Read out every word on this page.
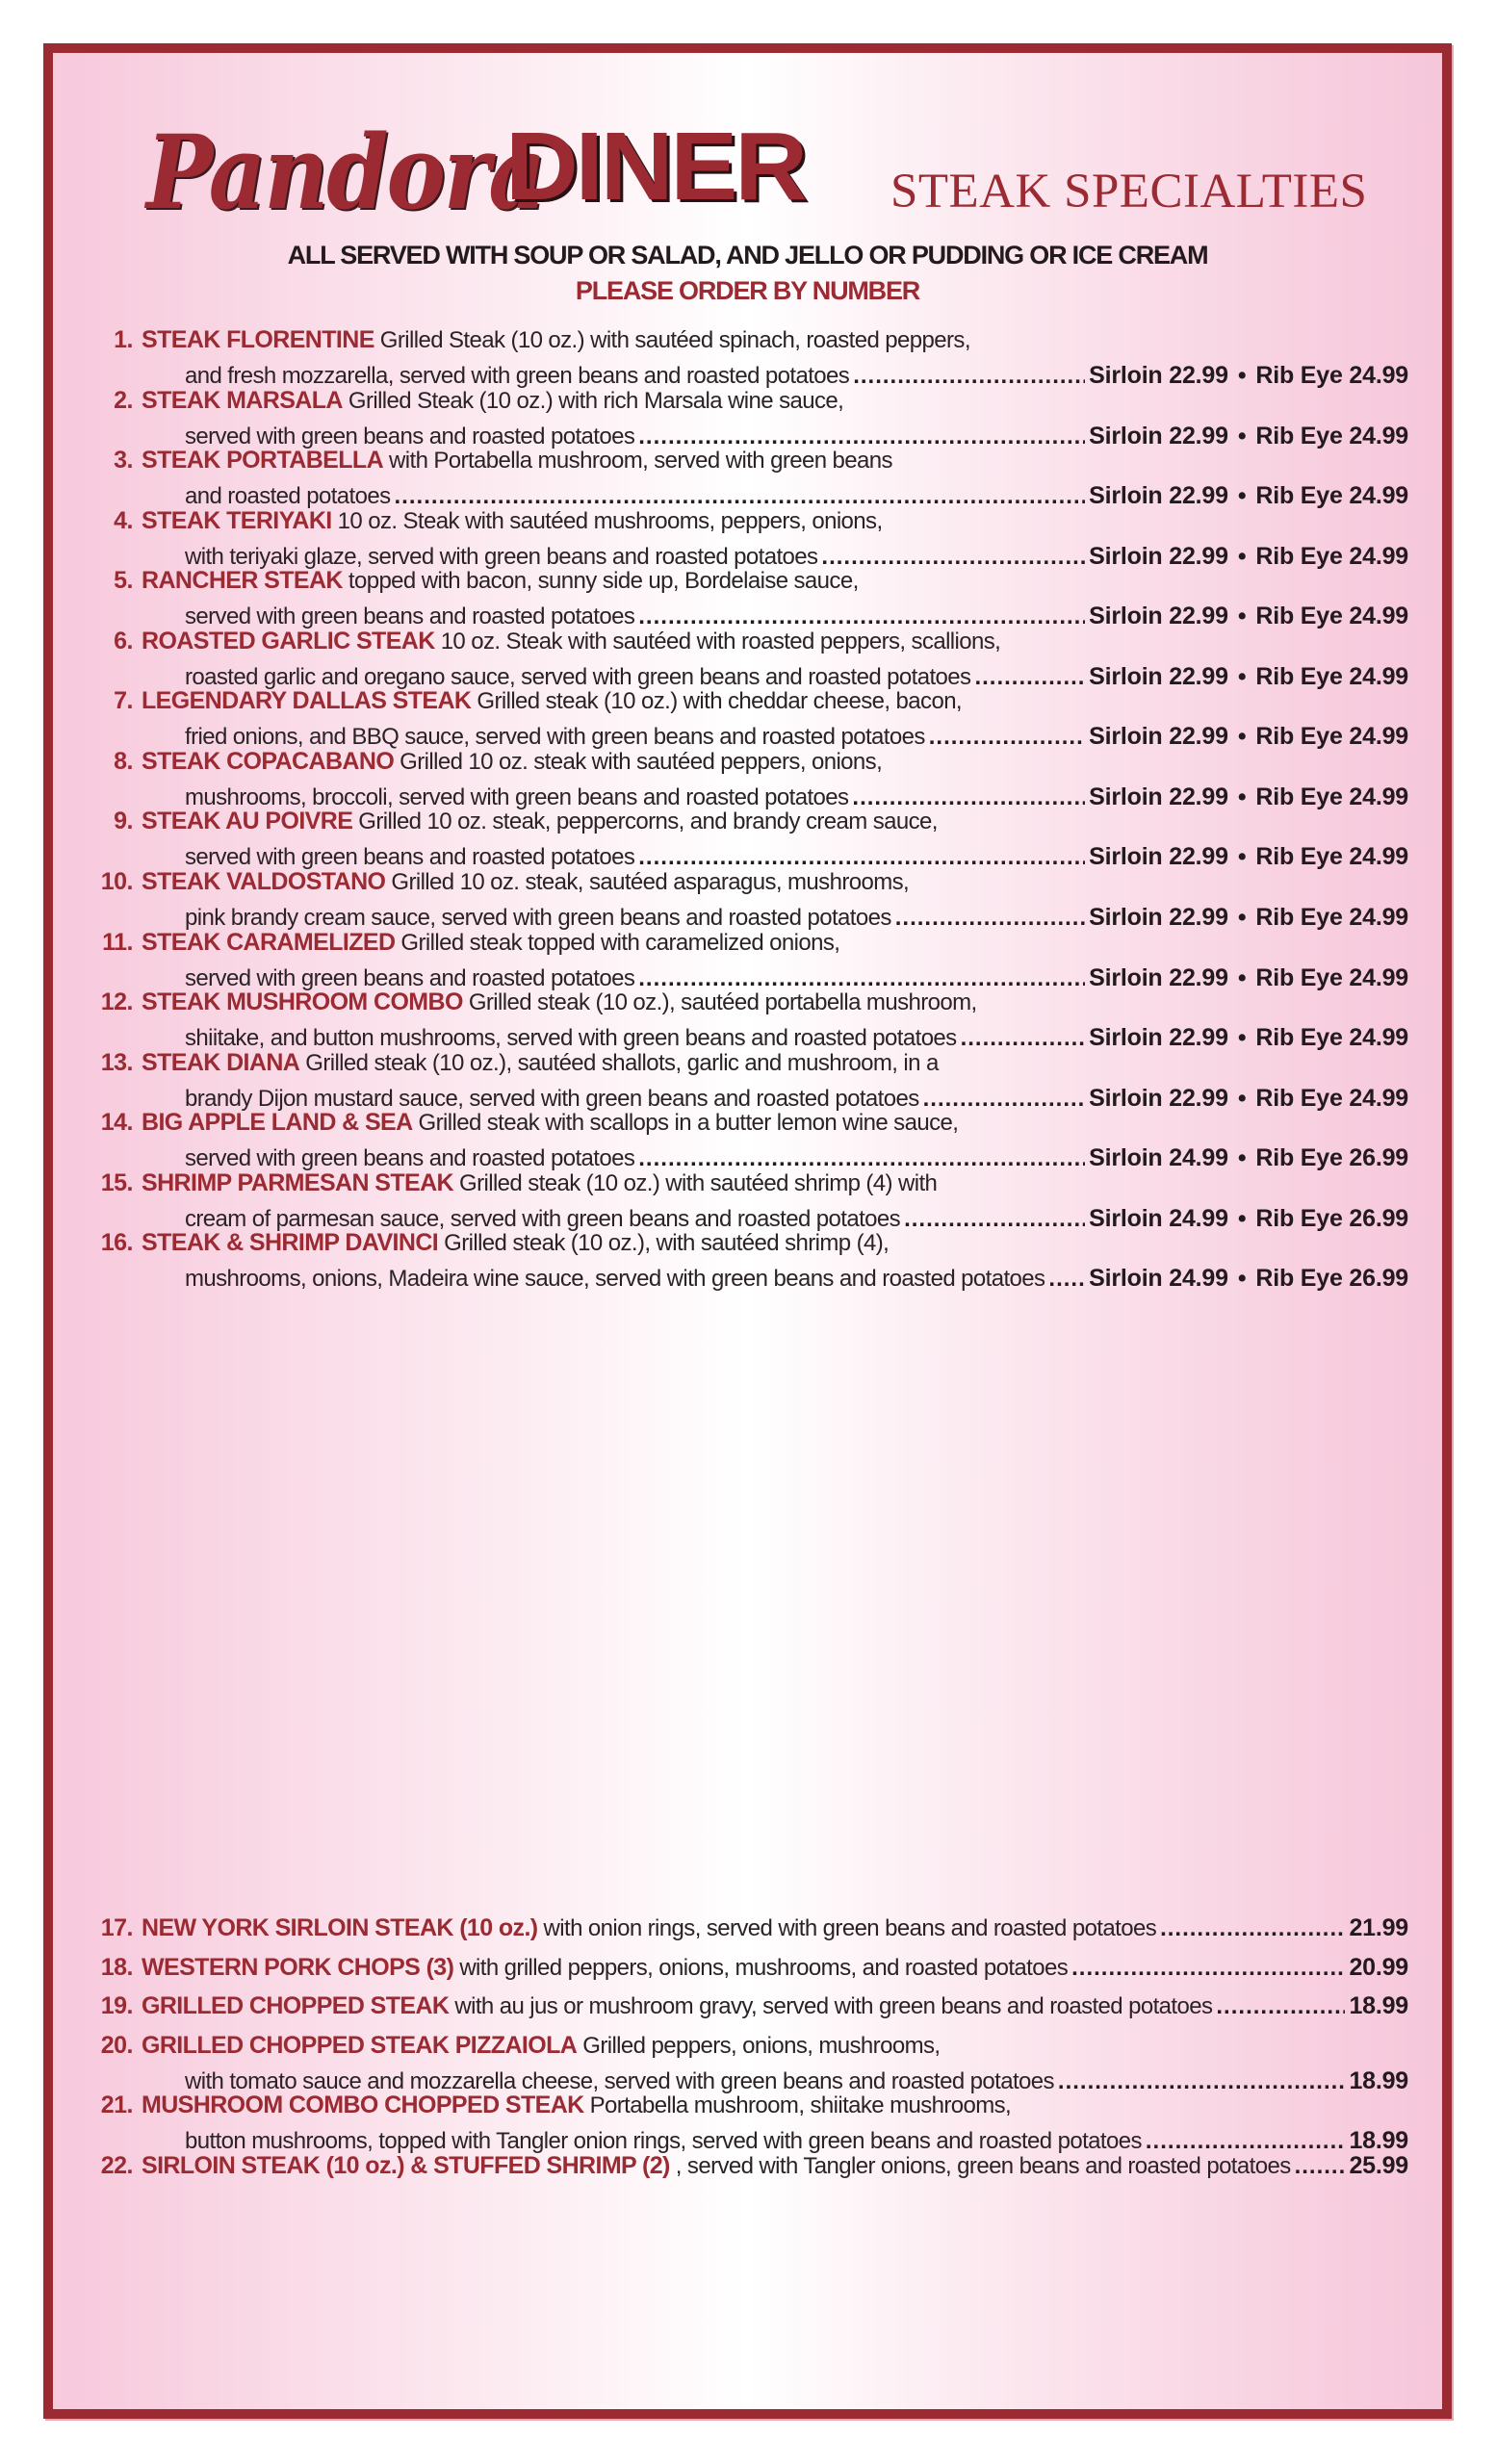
Pandora
DINER STEAK SPECIALTIES
ALL SERVED WITH SOUP OR SALAD, AND JELLO OR PUDDING OR ICE CREAM
PLEASE ORDER BY NUMBER
1. STEAK FLORENTINE Grilled Steak (10 oz.) with sautéed spinach, roasted peppers,
and fresh mozzarella, served with green beans and roasted potatoes .....	Sirloin 22.99 • Rib Eye 24.99
2. STEAK MARSALA Grilled Steak (10 oz.) with rich Marsala wine sauce,
served with green beans and roasted potatoes .....	Sirloin 22.99 • Rib Eye 24.99
3. STEAK PORTABELLA with Portabella mushroom, served with green beans
and roasted potatoes .....	Sirloin 22.99 • Rib Eye 24.99
4. STEAK TERIYAKI 10 oz. Steak with sautéed mushrooms, peppers, onions,
with teriyaki glaze, served with green beans and roasted potatoes .....	Sirloin 22.99 • Rib Eye 24.99
5. RANCHER STEAK topped with bacon, sunny side up, Bordelaise sauce,
served with green beans and roasted potatoes .....	Sirloin 22.99 • Rib Eye 24.99
6. ROASTED GARLIC STEAK 10 oz. Steak with sautéed with roasted peppers, scallions,
roasted garlic and oregano sauce, served with green beans and roasted potatoes .....	Sirloin 22.99 • Rib Eye 24.99
7. LEGENDARY DALLAS STEAK Grilled steak (10 oz.) with cheddar cheese, bacon,
fried onions, and BBQ sauce, served with green beans and roasted potatoes .....	Sirloin 22.99 • Rib Eye 24.99
8. STEAK COPACABANO Grilled 10 oz. steak with sautéed peppers, onions,
mushrooms, broccoli, served with green beans and roasted potatoes .....	Sirloin 22.99 • Rib Eye 24.99
9. STEAK AU POIVRE Grilled 10 oz. steak, peppercorns, and brandy cream sauce,
served with green beans and roasted potatoes .....	Sirloin 22.99 • Rib Eye 24.99
10. STEAK VALDOSTANO Grilled 10 oz. steak, sautéed asparagus, mushrooms,
pink brandy cream sauce, served with green beans and roasted potatoes .....	Sirloin 22.99 • Rib Eye 24.99
11. STEAK CARAMELIZED Grilled steak topped with caramelized onions,
served with green beans and roasted potatoes .....	Sirloin 22.99 • Rib Eye 24.99
12. STEAK MUSHROOM COMBO Grilled steak (10 oz.), sautéed portabella mushroom,
shiitake, and button mushrooms, served with green beans and roasted potatoes .....	Sirloin 22.99 • Rib Eye 24.99
13. STEAK DIANA Grilled steak (10 oz.), sautéed shallots, garlic and mushroom, in a
brandy Dijon mustard sauce, served with green beans and roasted potatoes .....	Sirloin 22.99 • Rib Eye 24.99
14. BIG APPLE LAND & SEA Grilled steak with scallops in a butter lemon wine sauce,
served with green beans and roasted potatoes .....	Sirloin 24.99 • Rib Eye 26.99
15. SHRIMP PARMESAN STEAK Grilled steak (10 oz.) with sautéed shrimp (4) with
cream of parmesan sauce, served with green beans and roasted potatoes .....	Sirloin 24.99 • Rib Eye 26.99
16. STEAK & SHRIMP DAVINCI Grilled steak (10 oz.), with sautéed shrimp (4),
mushrooms, onions, Madeira wine sauce, served with green beans and roasted potatoes ..... Sirloin 24.99 • Rib Eye 26.99
17. NEW YORK SIRLOIN STEAK (10 oz.) with onion rings, served with green beans and roasted potatoes .....	21.99
18. WESTERN PORK CHOPS (3) with grilled peppers, onions, mushrooms, and roasted potatoes .....	20.99
19. GRILLED CHOPPED STEAK with au jus or mushroom gravy, served with green beans and roasted potatoes .....	18.99
20. GRILLED CHOPPED STEAK PIZZAIOLA Grilled peppers, onions, mushrooms,
with tomato sauce and mozzarella cheese, served with green beans and roasted potatoes .....	18.99
21. MUSHROOM COMBO CHOPPED STEAK Portabella mushroom, shiitake mushrooms,
button mushrooms, topped with Tangler onion rings, served with green beans and roasted potatoes .....	18.99
22. SIRLOIN STEAK (10 oz.) & STUFFED SHRIMP (2) , served with Tangler onions, green beans and roasted potatoes ..... 25.99
